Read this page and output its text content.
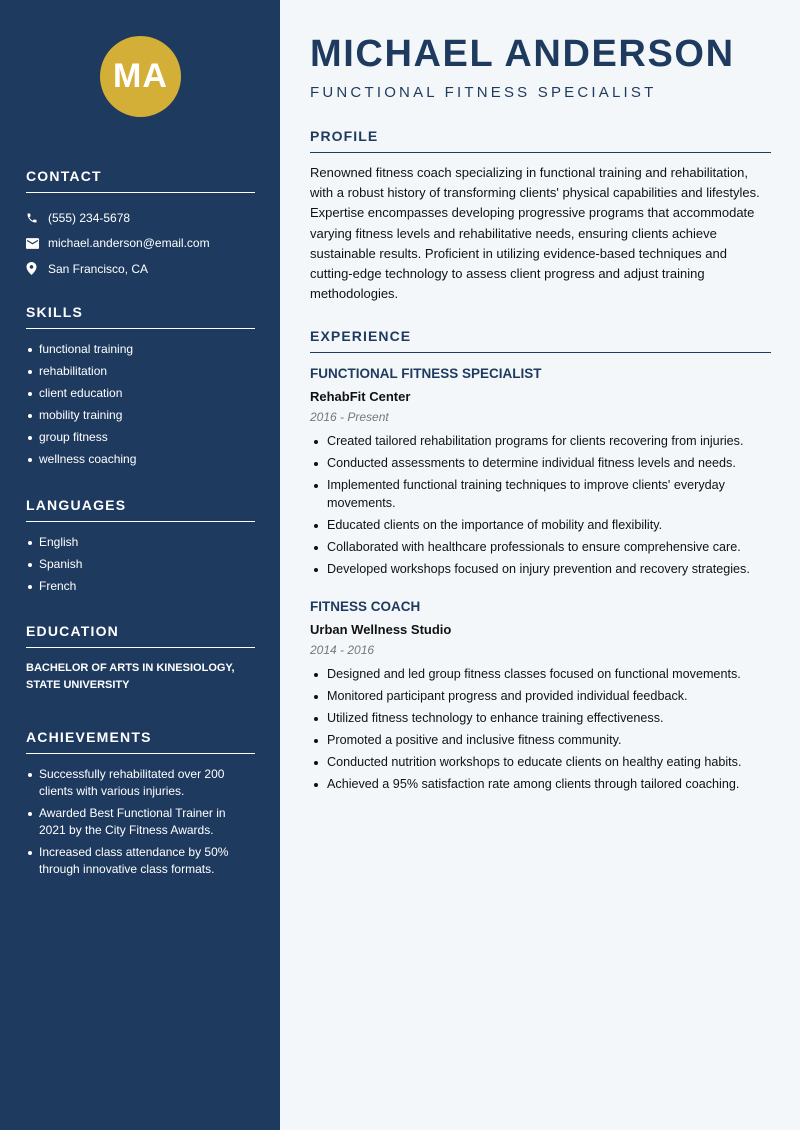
MA
CONTACT
(555) 234-5678
michael.anderson@email.com
San Francisco, CA
SKILLS
functional training
rehabilitation
client education
mobility training
group fitness
wellness coaching
LANGUAGES
English
Spanish
French
EDUCATION

BACHELOR OF ARTS IN KINESIOLOGY, STATE UNIVERSITY

ACHIEVEMENTS
Successfully rehabilitated over 200 clients with various injuries.
Awarded Best Functional Trainer in 2021 by the City Fitness Awards.
Increased class attendance by 50% through innovative class formats.
MICHAEL ANDERSON
FUNCTIONAL FITNESS SPECIALIST
PROFILE

Renowned fitness coach specializing in functional training and rehabilitation, with a robust history of transforming clients' physical capabilities and lifestyles. Expertise encompasses developing progressive programs that accommodate varying fitness levels and rehabilitative needs, ensuring clients achieve sustainable results. Proficient in utilizing evidence-based techniques and cutting-edge technology to assess client progress and adjust training methodologies.

EXPERIENCE
FUNCTIONAL FITNESS SPECIALIST
RehabFit Center
2016 - Present
Created tailored rehabilitation programs for clients recovering from injuries.
Conducted assessments to determine individual fitness levels and needs.
Implemented functional training techniques to improve clients' everyday movements.
Educated clients on the importance of mobility and flexibility.
Collaborated with healthcare professionals to ensure comprehensive care.
Developed workshops focused on injury prevention and recovery strategies.
FITNESS COACH
Urban Wellness Studio
2014 - 2016
Designed and led group fitness classes focused on functional movements.
Monitored participant progress and provided individual feedback.
Utilized fitness technology to enhance training effectiveness.
Promoted a positive and inclusive fitness community.
Conducted nutrition workshops to educate clients on healthy eating habits.
Achieved a 95% satisfaction rate among clients through tailored coaching.
